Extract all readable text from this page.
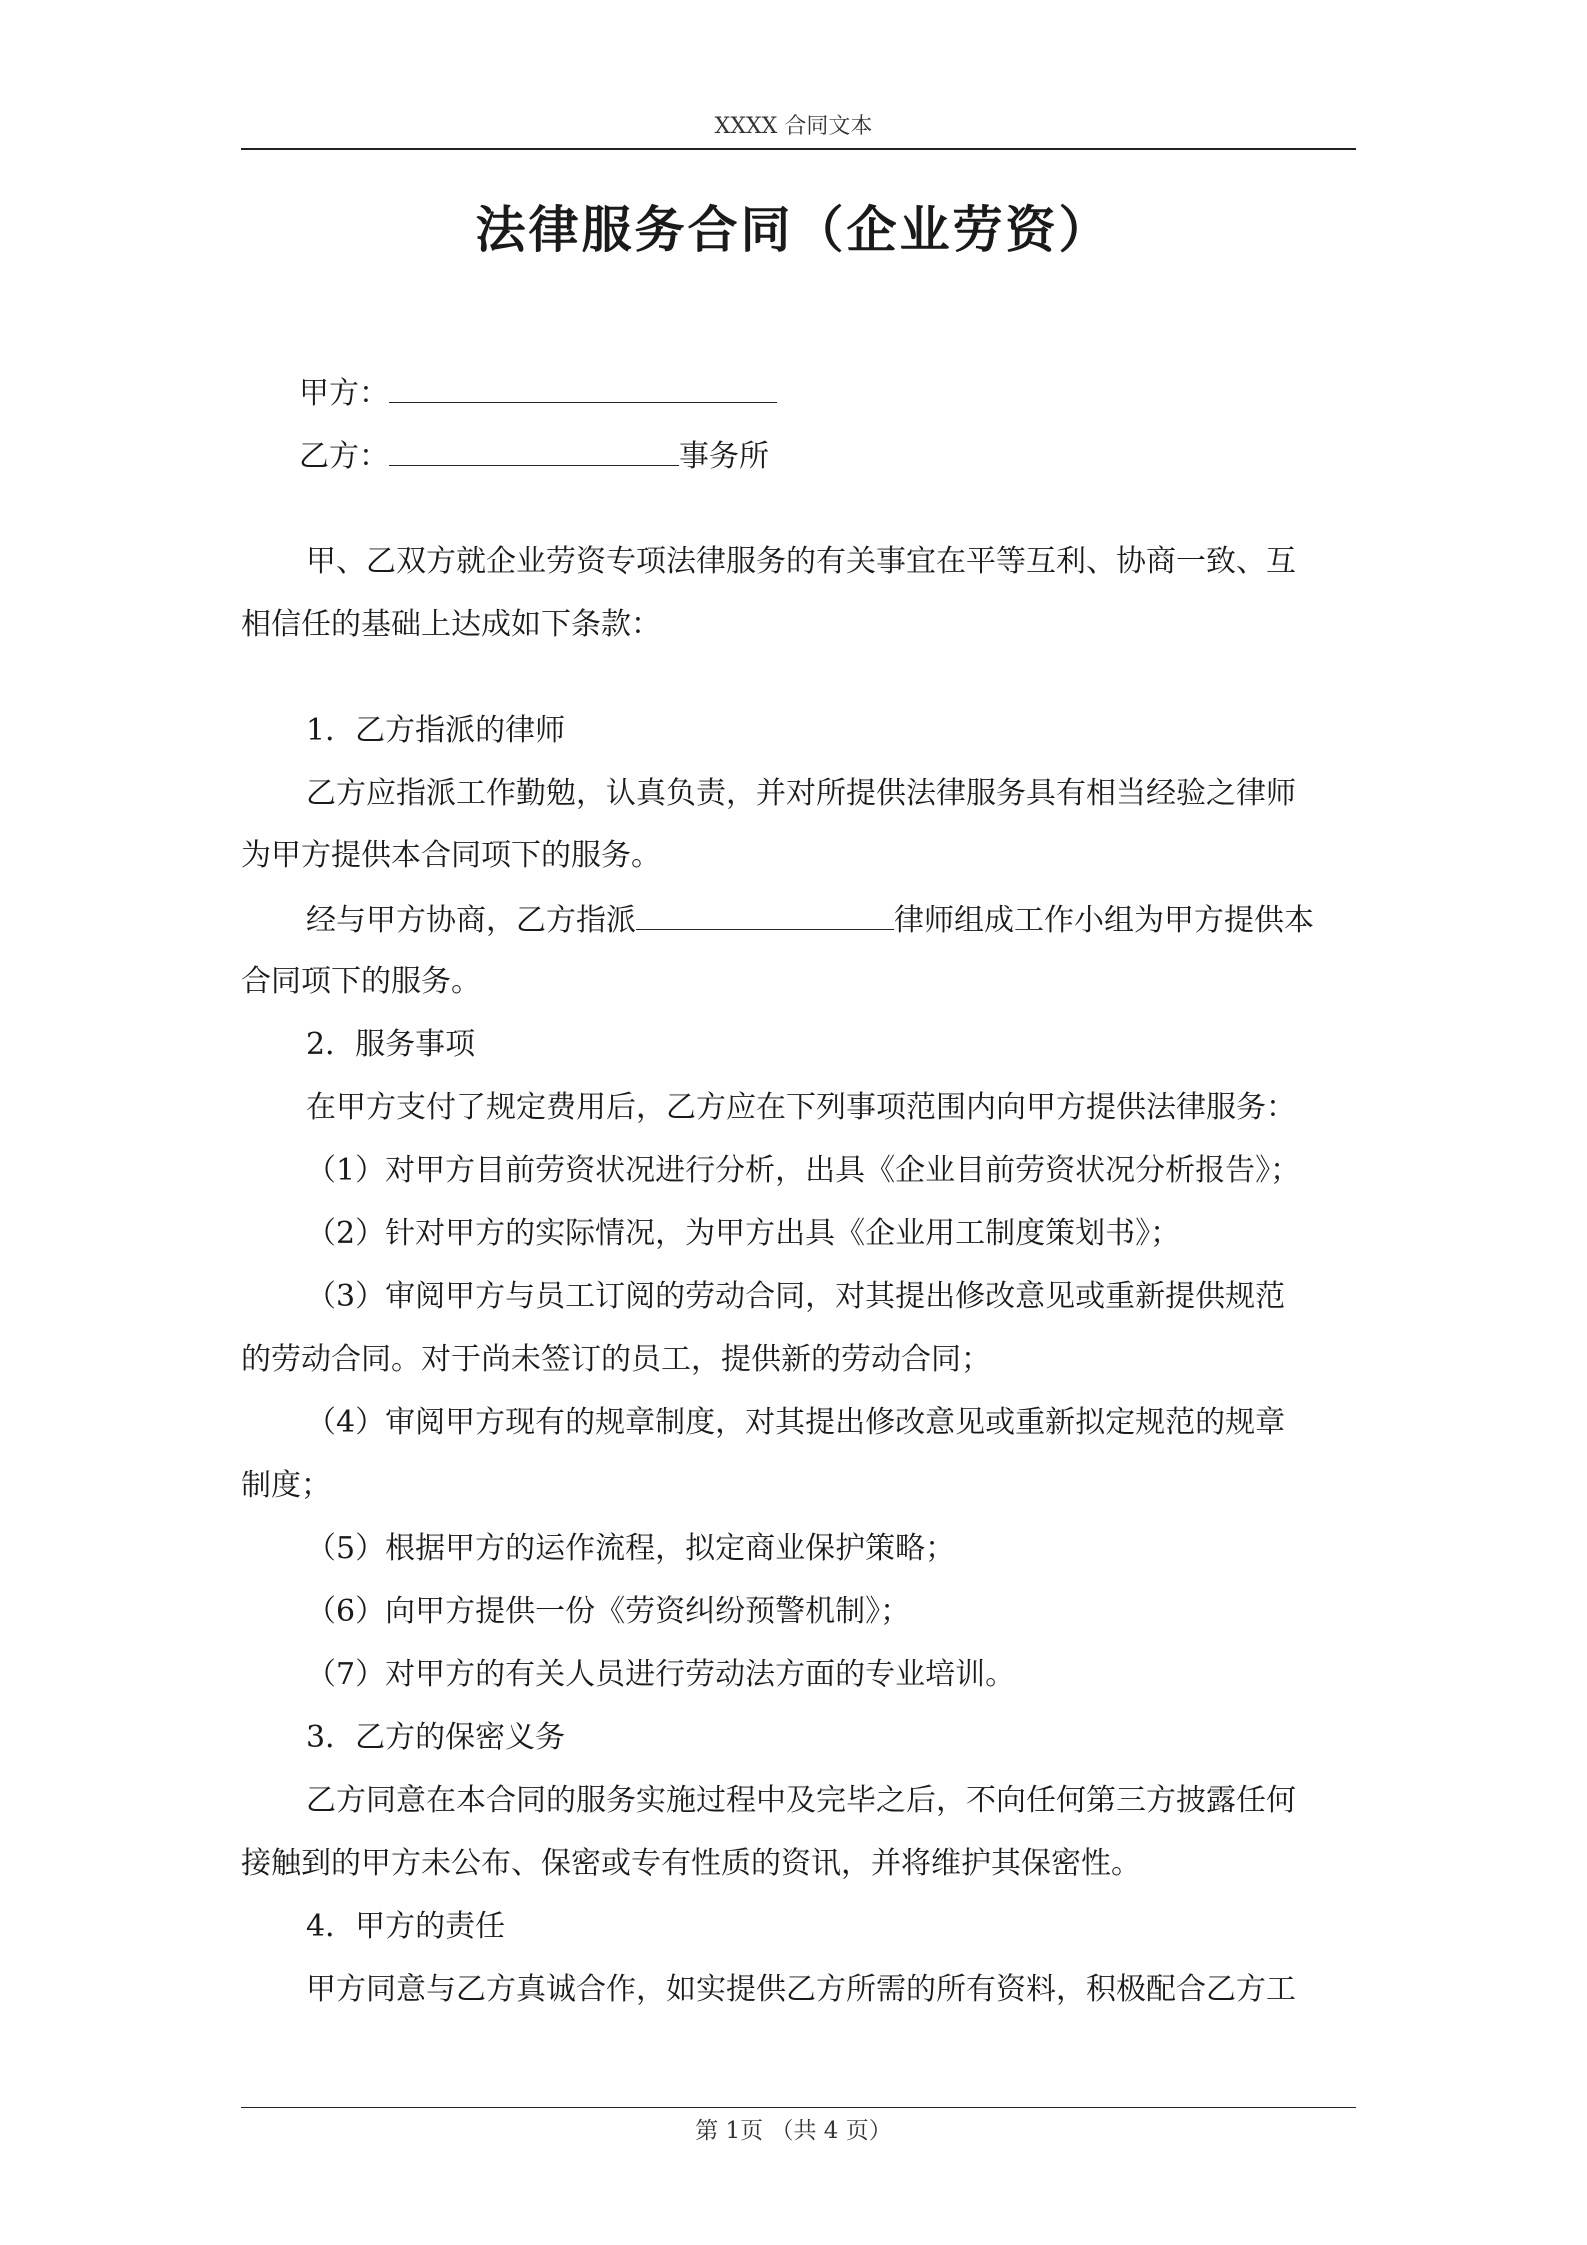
XXXX 合同文本
法律服务合同（企业劳资）
甲方：
乙方：	事务所
甲、乙双方就企业劳资专项法律服务的有关事宜在平等互利、协商一致、互
相信任的基础上达成如下条款：
1．乙方指派的律师
乙方应指派工作勤勉，认真负责，并对所提供法律服务具有相当经验之律师
为甲方提供本合同项下的服务。
经与甲方协商，乙方指派	律师组成工作小组为甲方提供本
合同项下的服务。
2．服务事项
在甲方支付了规定费用后，乙方应在下列事项范围内向甲方提供法律服务：
（1）对甲方目前劳资状况进行分析，出具《企业目前劳资状况分析报告》；
（2）针对甲方的实际情况，为甲方出具《企业用工制度策划书》；
（3）审阅甲方与员工订阅的劳动合同，对其提出修改意见或重新提供规范
的劳动合同。对于尚未签订的员工，提供新的劳动合同；
（4）审阅甲方现有的规章制度，对其提出修改意见或重新拟定规范的规章
制度；
（5）根据甲方的运作流程，拟定商业保护策略；
（6）向甲方提供一份《劳资纠纷预警机制》；
（7）对甲方的有关人员进行劳动法方面的专业培训。
3．乙方的保密义务
乙方同意在本合同的服务实施过程中及完毕之后，不向任何第三方披露任何
接触到的甲方未公布、保密或专有性质的资讯，并将维护其保密性。
4．甲方的责任
甲方同意与乙方真诚合作，如实提供乙方所需的所有资料，积极配合乙方工
第 1页 （共 4 页）
